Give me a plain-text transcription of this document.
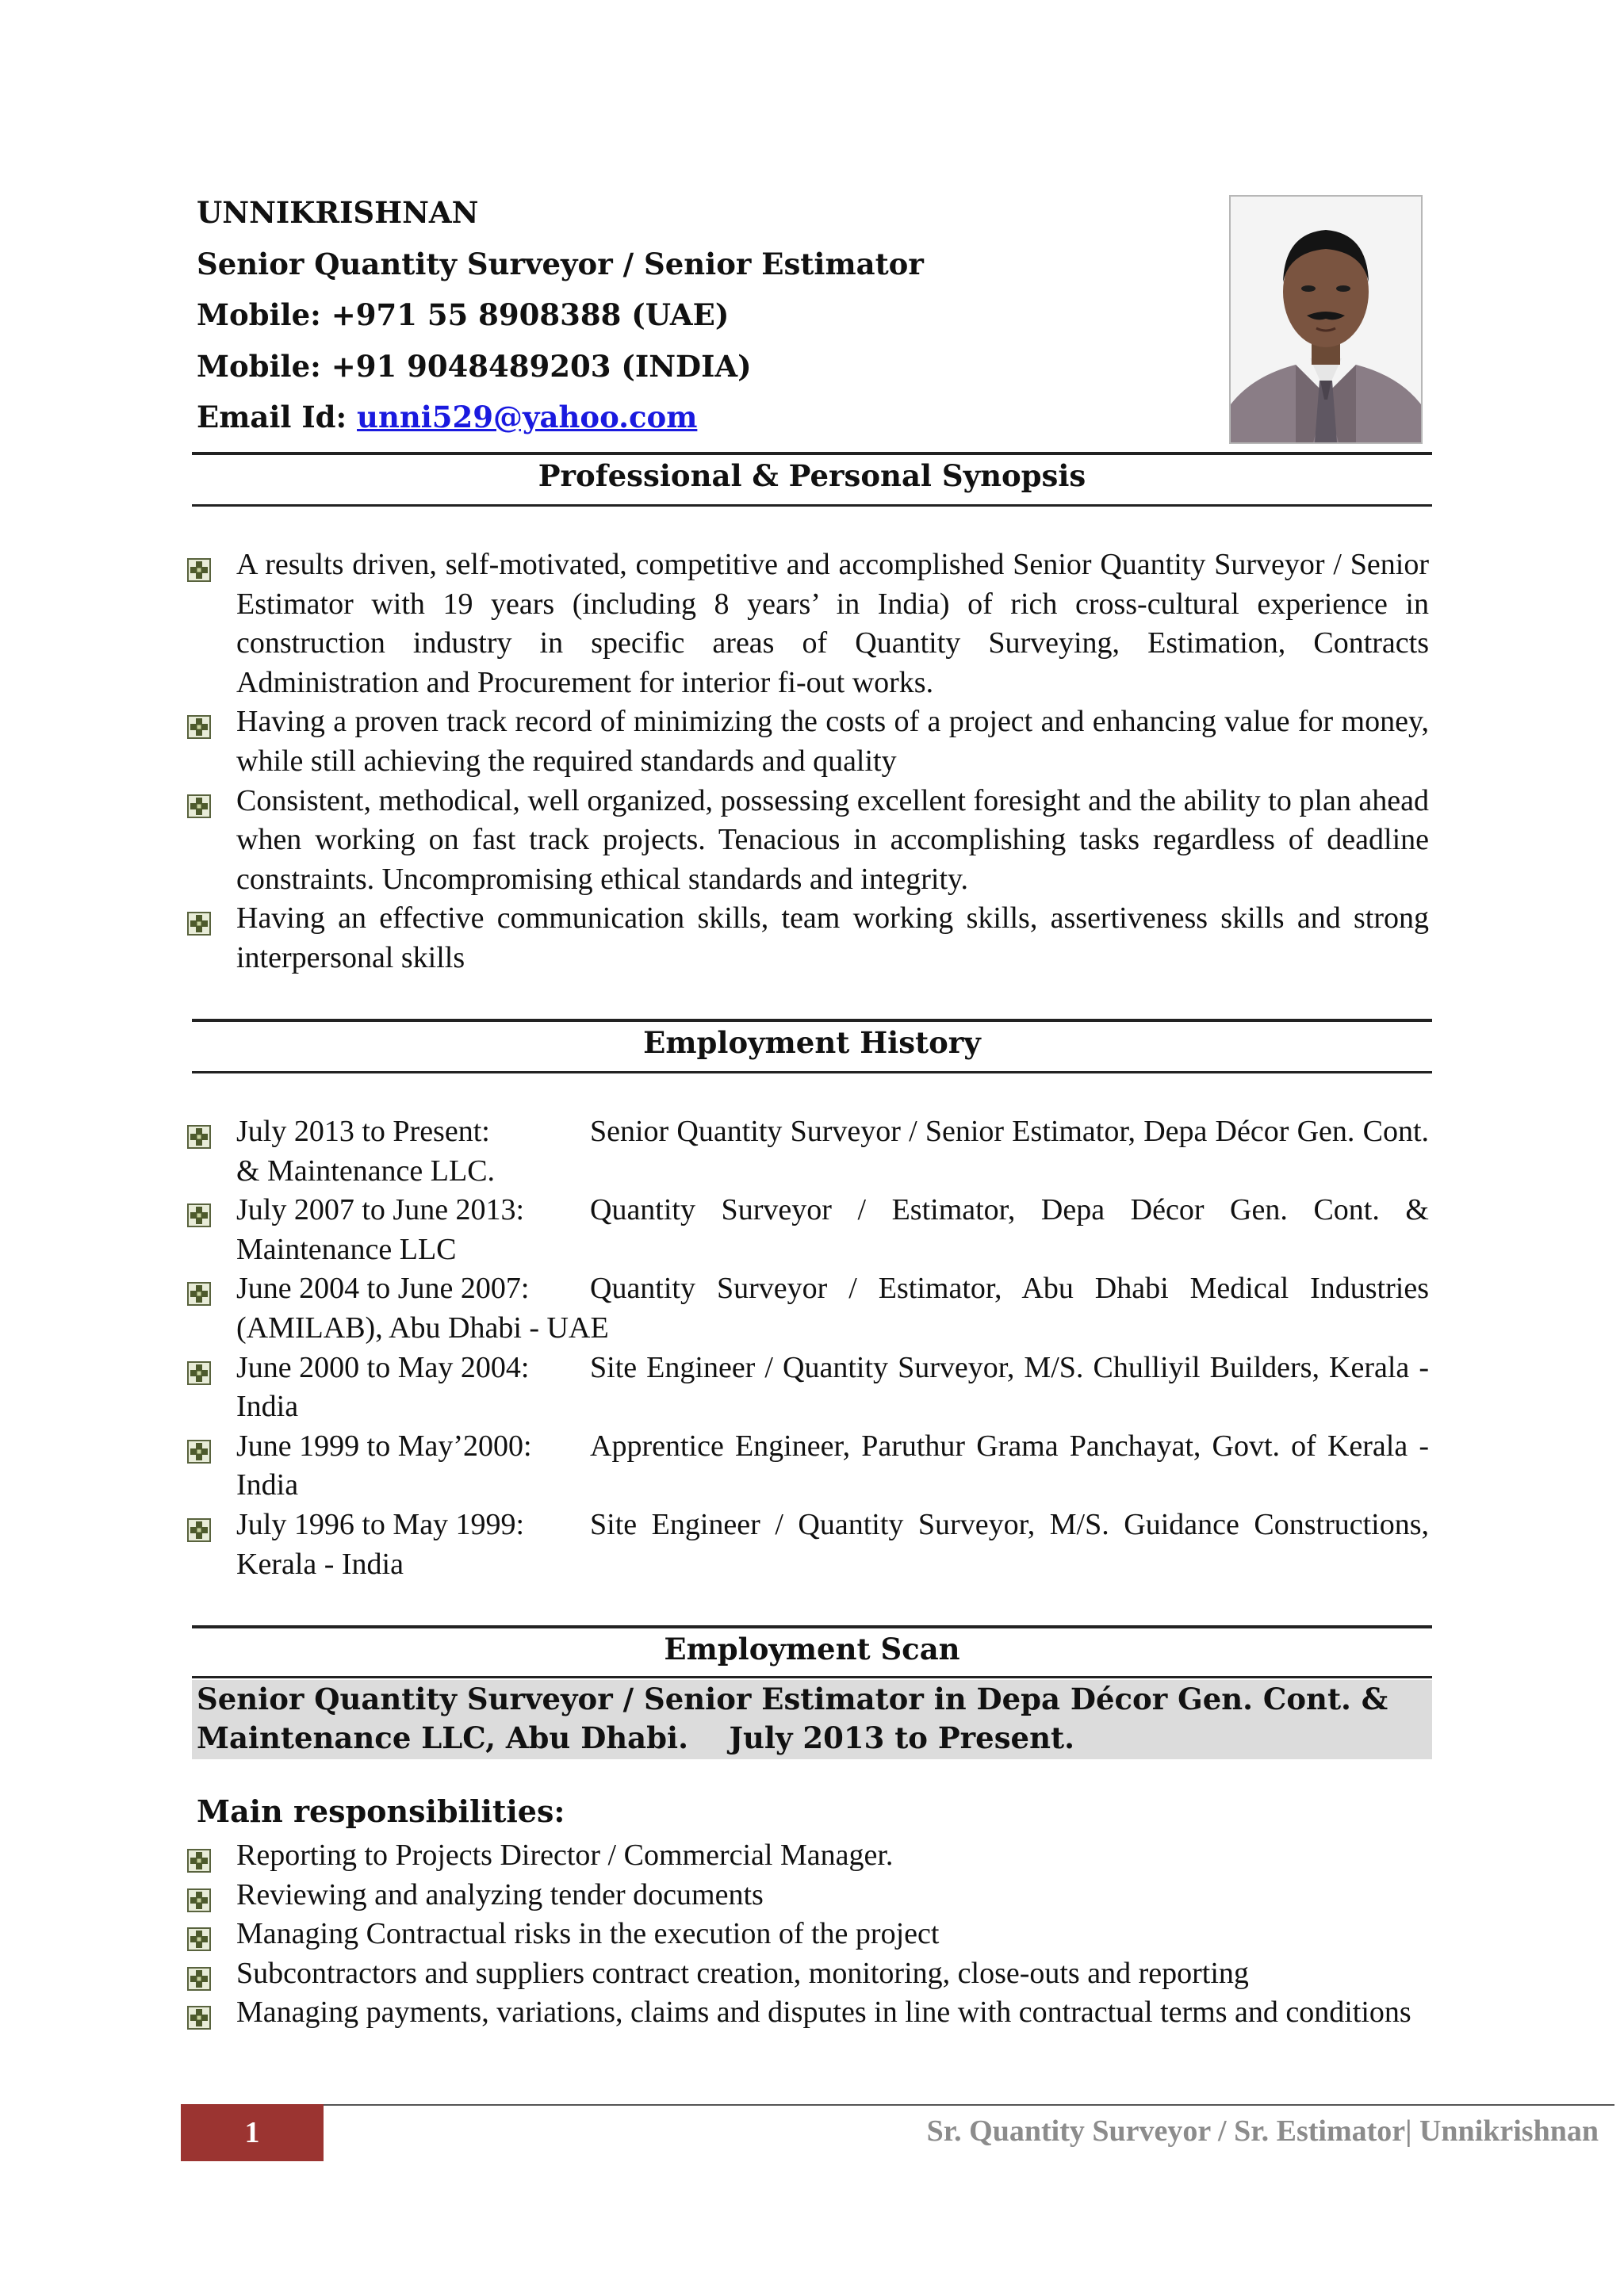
UNNIKRISHNAN
Senior Quantity Surveyor / Senior Estimator
Mobile: +971 55 8908388 (UAE)
Mobile: +91 9048489203 (INDIA)
Email Id: unni529@yahoo.com
Professional & Personal Synopsis
A results driven, self-motivated, competitive and accomplished Senior Quantity Surveyor / Senior Estimator with 19 years (including 8 years’ in India) of rich cross-cultural experience in construction industry in specific areas of Quantity Surveying, Estimation, Contracts Administration and Procurement for interior fi-out works.
Having a proven track record of minimizing the costs of a project and enhancing value for money, while still achieving the required standards and quality
Consistent, methodical, well organized, possessing excellent foresight and the ability to plan ahead when working on fast track projects. Tenacious in accomplishing tasks regardless of deadline constraints. Uncompromising ethical standards and integrity.
Having an effective communication skills, team working skills, assertiveness skills and strong interpersonal skills
Employment History
July 2013 to Present:	Senior Quantity Surveyor / Senior Estimator, Depa Décor Gen. Cont. & Maintenance LLC.
July 2007 to June 2013: Quantity Surveyor / Estimator, Depa Décor Gen. Cont. & Maintenance LLC
June 2004 to June 2007: Quantity Surveyor / Estimator, Abu Dhabi Medical Industries (AMILAB), Abu Dhabi - UAE
June 2000 to May 2004: Site Engineer / Quantity Surveyor, M/S. Chulliyil Builders, Kerala - India
June 1999 to May’2000: Apprentice Engineer, Paruthur Grama Panchayat, Govt. of Kerala - India
July 1996 to May 1999: Site Engineer / Quantity Surveyor, M/S. Guidance Constructions, Kerala - India
Employment Scan
Senior Quantity Surveyor / Senior Estimator in Depa Décor Gen. Cont. &
Maintenance LLC, Abu Dhabi.    July 2013 to Present.
Main responsibilities:
Reporting to Projects Director / Commercial Manager.
Reviewing and analyzing tender documents
Managing Contractual risks in the execution of the project
Subcontractors and suppliers contract creation, monitoring, close-outs and reporting
Managing payments, variations, claims and disputes in line with contractual terms and conditions
1	Sr. Quantity Surveyor / Sr. Estimator| Unnikrishnan
